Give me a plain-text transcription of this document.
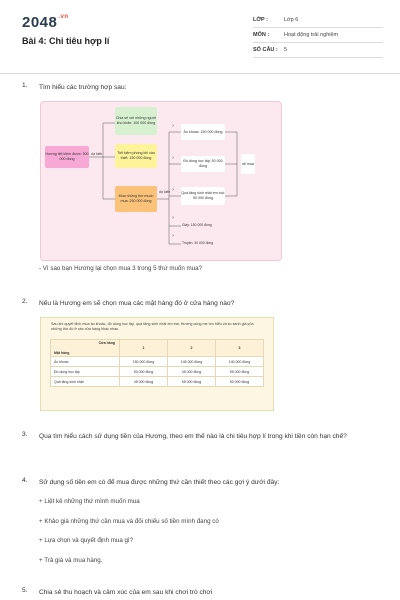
$2048^{.vn}$
Bài 4: Chi tiêu hợp lí
LỚP :	Lớp 6
MÔN :	Hoạt động trải nghiệm
SỐ CÂU :	5
1. Tìm hiểu các trường hợp sau:
Hương tiết kiệm được: 500 000 đồng
dự kiến
Chia sẻ với những người khó khăn: 100 000 đồng
Tiết kiệm phòng khi cần thiết: 150 000 đồng
Mua những thứ muốn mua: 250 000 đồng
dự kiến
?
Áo khoác: 150 000 đồng
?
Đồ dùng học tập: 50 000 đồng
?
Quà tặng sinh nhật em trai: 50 000 đồng
?
Giày: 150 000 đồng
?
Truyện: 30 000 đồng
sẽ mua
- Vì sao bạn Hương lại chọn mua 3 trong 5 thứ muốn mua?
2. Nếu là Hương em sẽ chọn mua các mặt hàng đó ở cửa hàng nào?
Sau khi quyết định mua áo khoác, đồ dùng học tập, quà tặng sinh nhật em trai, Hương cùng mẹ tìm hiểu và so sánh giá của những thứ đó ở các cửa hàng khác nhau.
Cửa hàng
Mặt hàng	1	2	3
Áo khoác	150 000 đồng	145 000 đồng	140 000 đồng
Đồ dùng học tập	50 000 đồng	45 000 đồng	55 000 đồng
Quà tặng sinh nhật	45 000 đồng	55 000 đồng	50 000 đồng
3. Qua tìm hiểu cách sử dụng tiền của Hương, theo em thế nào là chi tiêu hợp lí trong khi tiền còn hạn chế?
4. Sử dụng số tiền em có để mua được những thứ cần thiết theo các gợi ý dưới đây:
+ Liệt kê những thứ mình muốn mua
+ Khảo giá những thứ cần mua và đối chiếu số tiền mình đang có
+ Lựa chọn và quyết định mua gì?
+ Trả giá và mua hàng.
5. Chia sẻ thu hoạch và cảm xúc của em sau khi chơi trò chơi
